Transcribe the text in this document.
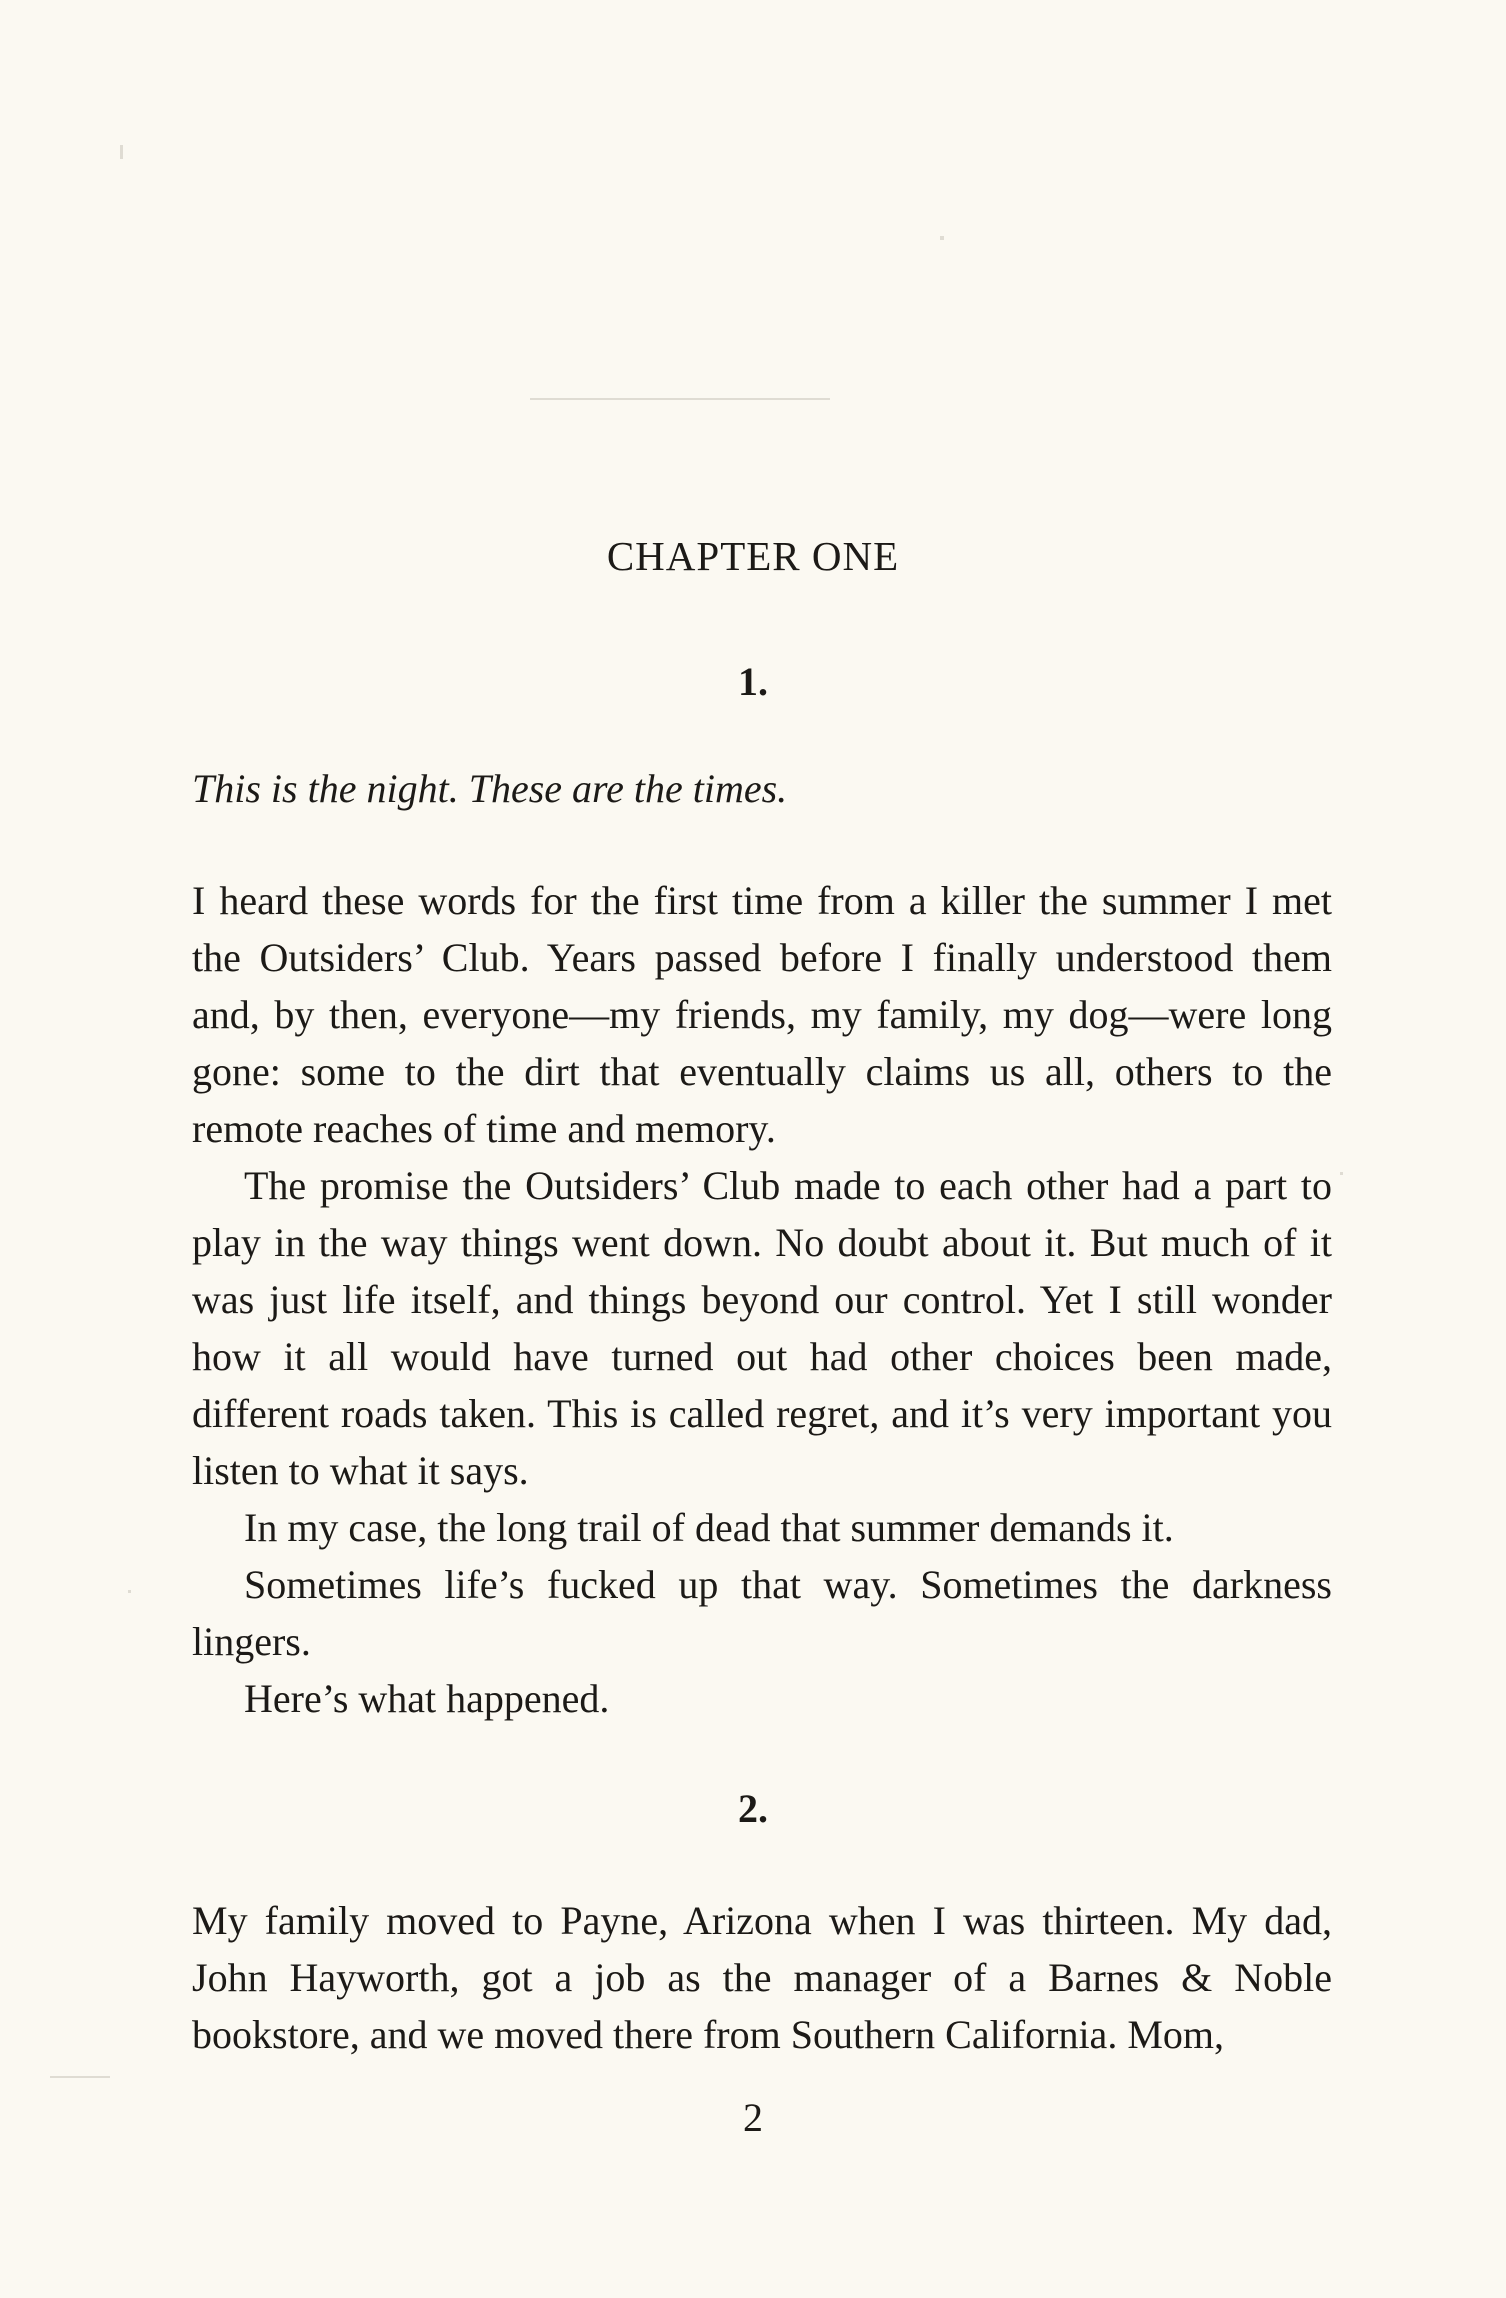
CHAPTER ONE
1.

This is the night. These are the times.

I heard these words for the first time from a killer the summer I met the Outsiders’ Club. Years passed before I finally understood them and, by then, everyone—my friends, my family, my dog—were long gone: some to the dirt that eventually claims us all, others to the remote reaches of time and memory.

The promise the Outsiders’ Club made to each other had a part to play in the way things went down. No doubt about it. But much of it was just life itself, and things beyond our control. Yet I still wonder how it all would have turned out had other choices been made, different roads taken. This is called regret, and it’s very important you listen to what it says.

In my case, the long trail of dead that summer demands it.

Sometimes life’s fucked up that way. Sometimes the darkness lingers.

Here’s what happened.

2.

My family moved to Payne, Arizona when I was thirteen. My dad, John Hayworth, got a job as the manager of a Barnes & Noble bookstore, and we moved there from Southern California. Mom,

2
